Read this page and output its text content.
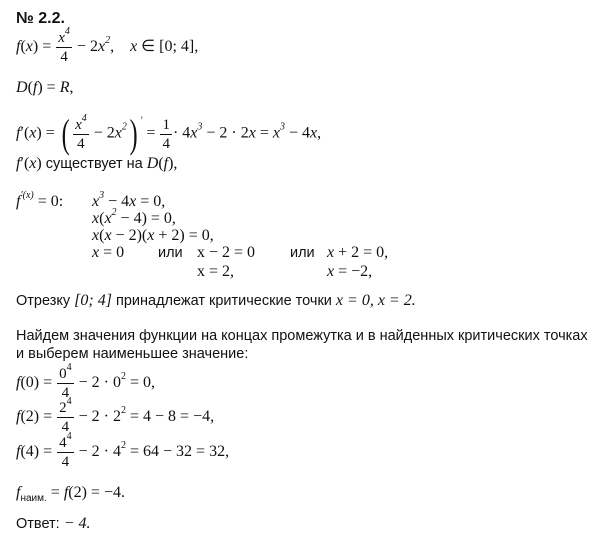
№ 2.2.
$f(x) = \frac{x^4}{4} - 2x^2$,    x ∈ [0; 4],
D(f) = R,
f′(x) = ( $\frac{x^4}{4} - 2x^2$) $' = \frac{1}{4} \cdot 4x^3 - 2 \cdot 2x = x^3 - 4x$,
f′(x) существует на D(f),
$f^{'(x)} = 0$: $x^3 - 4x = 0$,
$x(x^2 - 4) = 0$,
x(x − 2)(x + 2) = 0,
x = 0 или x − 2 = 0 или x + 2 = 0,
x = 2,	x = −2,
Отрезку [0; 4] принадлежат критические точки x = 0, x = 2.
Найдем значения функции на концах промежутка и в найденных критических точках
и выберем наименьшее значение:
$f(0) = \frac{0^4}{4} - 2 \cdot 0^2 = 0$,
$f(2) = \frac{2^4}{4} - 2 \cdot 2^2 = 4 - 8 = -4$,
$f(4) = \frac{4^4}{4} - 2 \cdot 4^2 = 64 - 32 = 32$,
$f_{наим.} = f(2) = -4$.
Ответ: − 4.
